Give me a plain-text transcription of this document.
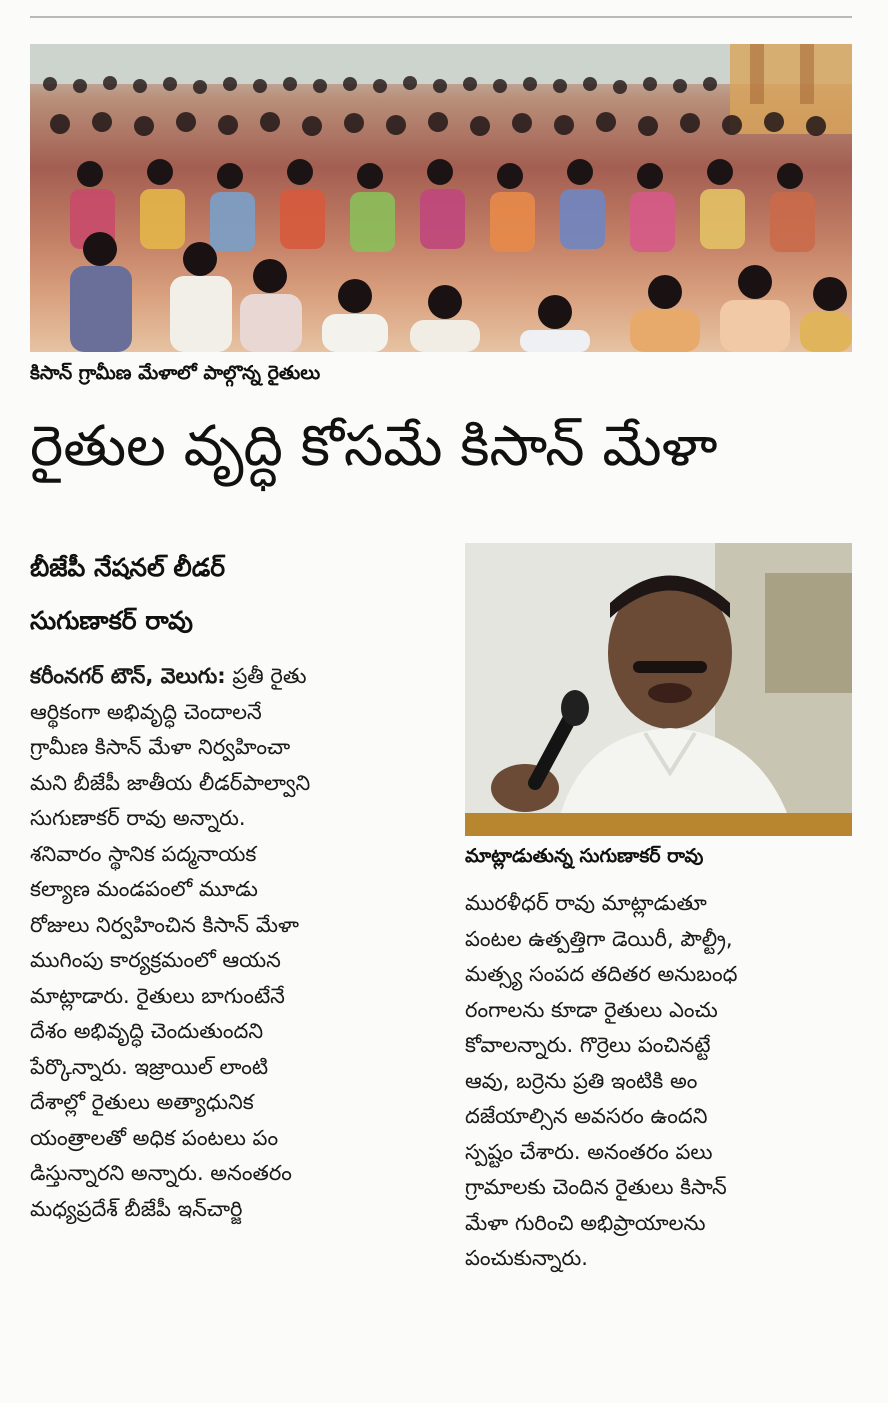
కిసాన్ గ్రామీణ మేళాలో పాల్గొన్న రైతులు
రైతుల వృద్ధి కోసమే కిసాన్ మేళా
బీజేపీ నేషనల్ లీడర్
సుగుణాకర్ రావు
కరీంనగర్ టౌన్, వెలుగు: ప్రతీ రైతు
ఆర్థికంగా అభివృద్ధి చెందాలనే
గ్రామీణ కిసాన్ మేళా నిర్వహించా
మని బీజేపీ జాతీయ లీడర్‌పాల్వాని
సుగుణాకర్ రావు అన్నారు.
శనివారం స్థానిక పద్మనాయక
కల్యాణ మండపంలో మూడు
రోజులు నిర్వహించిన కిసాన్ మేళా
ముగింపు కార్యక్రమంలో ఆయన
మాట్లాడారు. రైతులు బాగుంటేనే
దేశం అభివృద్ధి చెందుతుందని
పేర్కొన్నారు. ఇజ్రాయిల్ లాంటి
దేశాల్లో రైతులు అత్యాధునిక
యంత్రాలతో అధిక పంటలు పం
డిస్తున్నారని అన్నారు. అనంతరం
మధ్యప్రదేశ్ బీజేపీ ఇన్‌చార్జి
మాట్లాడుతున్న సుగుణాకర్ రావు
మురళీధర్ రావు మాట్లాడుతూ
పంటల ఉత్పత్తిగా డెయిరీ, పౌల్ట్రీ,
మత్స్య సంపద తదితర అనుబంధ
రంగాలను కూడా రైతులు ఎంచు
కోవాలన్నారు. గొర్రెలు పంచినట్టే
ఆవు, బర్రెను ప్రతి ఇంటికి అం
దజేయాల్సిన అవసరం ఉందని
స్పష్టం చేశారు. అనంతరం పలు
గ్రామాలకు చెందిన రైతులు కిసాన్
మేళా గురించి అభిప్రాయాలను
పంచుకున్నారు.
